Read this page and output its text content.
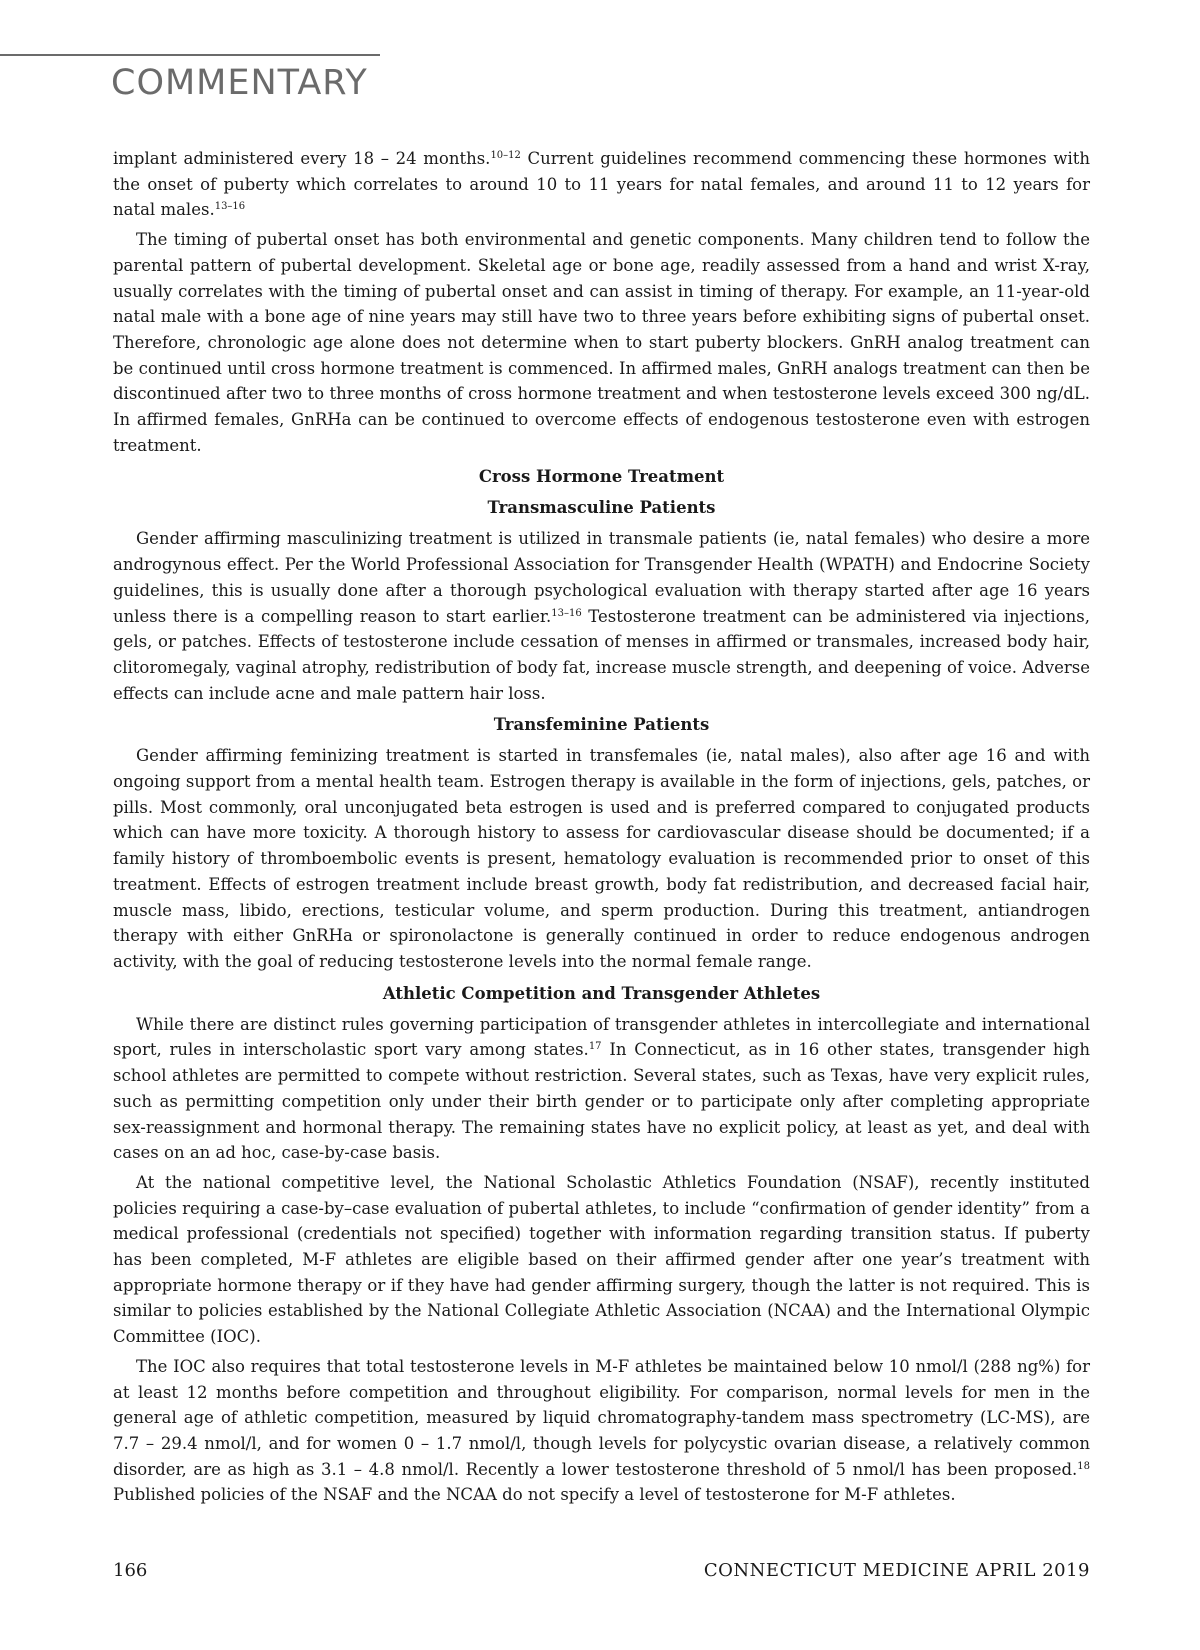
COMMENTARY

implant administered every 18 – 24 months.$^{10-12}$ Current guidelines recommend commencing these hormones with the onset of puberty which correlates to around 10 to 11 years for natal females, and around 11 to 12 years for natal males.$^{13-16}$

The timing of pubertal onset has both environmental and genetic components. Many children tend to follow the parental pattern of pubertal development. Skeletal age or bone age, readily assessed from a hand and wrist X-ray, usually correlates with the timing of pubertal onset and can assist in timing of therapy. For example, an 11-year-old natal male with a bone age of nine years may still have two to three years before exhibiting signs of pubertal onset. Therefore, chronologic age alone does not determine when to start puberty blockers. GnRH analog treatment can be continued until cross hormone treatment is commenced. In affirmed males, GnRH analogs treatment can then be discontinued after two to three months of cross hormone treatment and when testosterone levels exceed 300 ng/dL. In affirmed females, GnRHa can be continued to overcome effects of endogenous testosterone even with estrogen treatment.

Cross Hormone Treatment
Transmasculine Patients

Gender affirming masculinizing treatment is utilized in transmale patients (ie, natal females) who desire a more androgynous effect. Per the World Professional Association for Transgender Health (WPATH) and Endocrine Society guidelines, this is usually done after a thorough psychological evaluation with therapy started after age 16 years unless there is a compelling reason to start earlier.$^{13-16}$ Testosterone treatment can be administered via injections, gels, or patches. Effects of testosterone include cessation of menses in affirmed or transmales, increased body hair, clitoromegaly, vaginal atrophy, redistribution of body fat, increase muscle strength, and deepening of voice. Adverse effects can include acne and male pattern hair loss.

Transfeminine Patients

Gender affirming feminizing treatment is started in transfemales (ie, natal males), also after age 16 and with ongoing support from a mental health team. Estrogen therapy is available in the form of injections, gels, patches, or pills. Most commonly, oral unconjugated beta estrogen is used and is preferred compared to conjugated products which can have more toxicity. A thorough history to assess for cardiovascular disease should be documented; if a family history of thromboembolic events is present, hematology evaluation is recommended prior to onset of this treatment. Effects of estrogen treatment include breast growth, body fat redistribution, and decreased facial hair, muscle mass, libido, erections, testicular volume, and sperm production. During this treatment, antiandrogen therapy with either GnRHa or spironolactone is generally continued in order to reduce endogenous androgen activity, with the goal of reducing testosterone levels into the normal female range.

Athletic Competition and Transgender Athletes

While there are distinct rules governing participation of transgender athletes in intercollegiate and international sport, rules in interscholastic sport vary among states.$^{17}$ In Connecticut, as in 16 other states, transgender high school athletes are permitted to compete without restriction. Several states, such as Texas, have very explicit rules, such as permitting competition only under their birth gender or to participate only after completing appropriate sex-reassignment and hormonal therapy. The remaining states have no explicit policy, at least as yet, and deal with cases on an ad hoc, case-by-case basis.

At the national competitive level, the National Scholastic Athletics Foundation (NSAF), recently instituted policies requiring a case-by–case evaluation of pubertal athletes, to include “confirmation of gender identity” from a medical professional (credentials not specified) together with information regarding transition status. If puberty has been completed, M-F athletes are eligible based on their affirmed gender after one year’s treatment with appropriate hormone therapy or if they have had gender affirming surgery, though the latter is not required. This is similar to policies established by the National Collegiate Athletic Association (NCAA) and the International Olympic Committee (IOC).

The IOC also requires that total testosterone levels in M-F athletes be maintained below 10 nmol/l (288 ng%) for at least 12 months before competition and throughout eligibility. For comparison, normal levels for men in the general age of athletic competition, measured by liquid chromatography-tandem mass spectrometry (LC-MS), are 7.7 – 29.4 nmol/l, and for women 0 – 1.7 nmol/l, though levels for polycystic ovarian disease, a relatively common disorder, are as high as 3.1 – 4.8 nmol/l. Recently a lower testosterone threshold of 5 nmol/l has been proposed.$^{18}$ Published policies of the NSAF and the NCAA do not specify a level of testosterone for M-F athletes.

166	CONNECTICUT MEDICINE APRIL 2019
